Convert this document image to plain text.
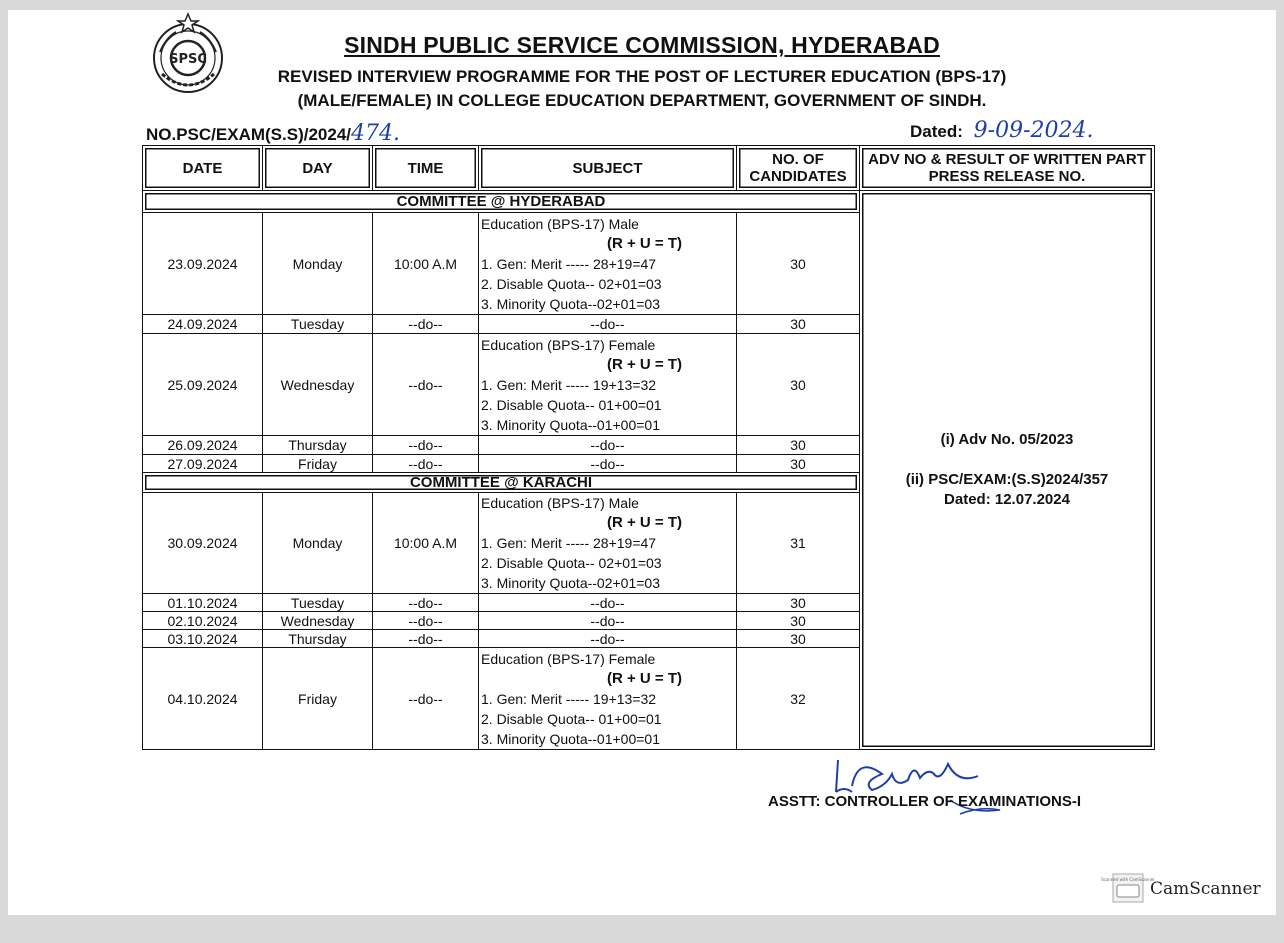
SPSC
SINDH PUBLIC SERVICE COMMISSION, HYDERABAD
REVISED INTERVIEW PROGRAMME FOR THE POST OF LECTURER EDUCATION (BPS-17)
(MALE/FEMALE) IN COLLEGE EDUCATION DEPARTMENT, GOVERNMENT OF SINDH.
NO.PSC/EXAM(S.S)/2024/474.	Dated: 9-09-2024.
DATE	DAY	TIME	SUBJECT	NO. OF CANDIDATES	ADV NO & RESULT OF WRITTEN PART PRESS RELEASE NO.
COMMITTEE @ HYDERABAD					(i) Adv No. 05/2023

(ii) PSC/EXAM:(S.S)2024/357

Dated: 12.07.2024

23.09.2024	Monday	10:00 A.M	Education (BPS-17) Male
(R + U = T)
1. Gen: Merit ----- 28+19=47
2. Disable Quota-- 02+01=03
3. Minority Quota--02+01=03	30	
24.09.2024	Tuesday	--do--	--do--	30	
25.09.2024	Wednesday	--do--	Education (BPS-17) Female
(R + U = T)
1. Gen: Merit ----- 19+13=32
2. Disable Quota-- 01+00=01
3. Minority Quota--01+00=01	30	
26.09.2024	Thursday	--do--	--do--	30	
27.09.2024	Friday	--do--	--do--	30	
COMMITTEE @ KARACHI					
30.09.2024	Monday	10:00 A.M	Education (BPS-17) Male
(R + U = T)
1. Gen: Merit ----- 28+19=47
2. Disable Quota-- 02+01=03
3. Minority Quota--02+01=03	31	
01.10.2024	Tuesday	--do--	--do--	30	
02.10.2024	Wednesday	--do--	--do--	30	
03.10.2024	Thursday	--do--	--do--	30	
04.10.2024	Friday	--do--	Education (BPS-17) Female
(R + U = T)
1. Gen: Merit ----- 19+13=32
2. Disable Quota-- 01+00=01
3. Minority Quota--01+00=01	32	
ASSTT: CONTROLLER OF EXAMINATIONS-I
Scanned with CamScanner
CamScanner
